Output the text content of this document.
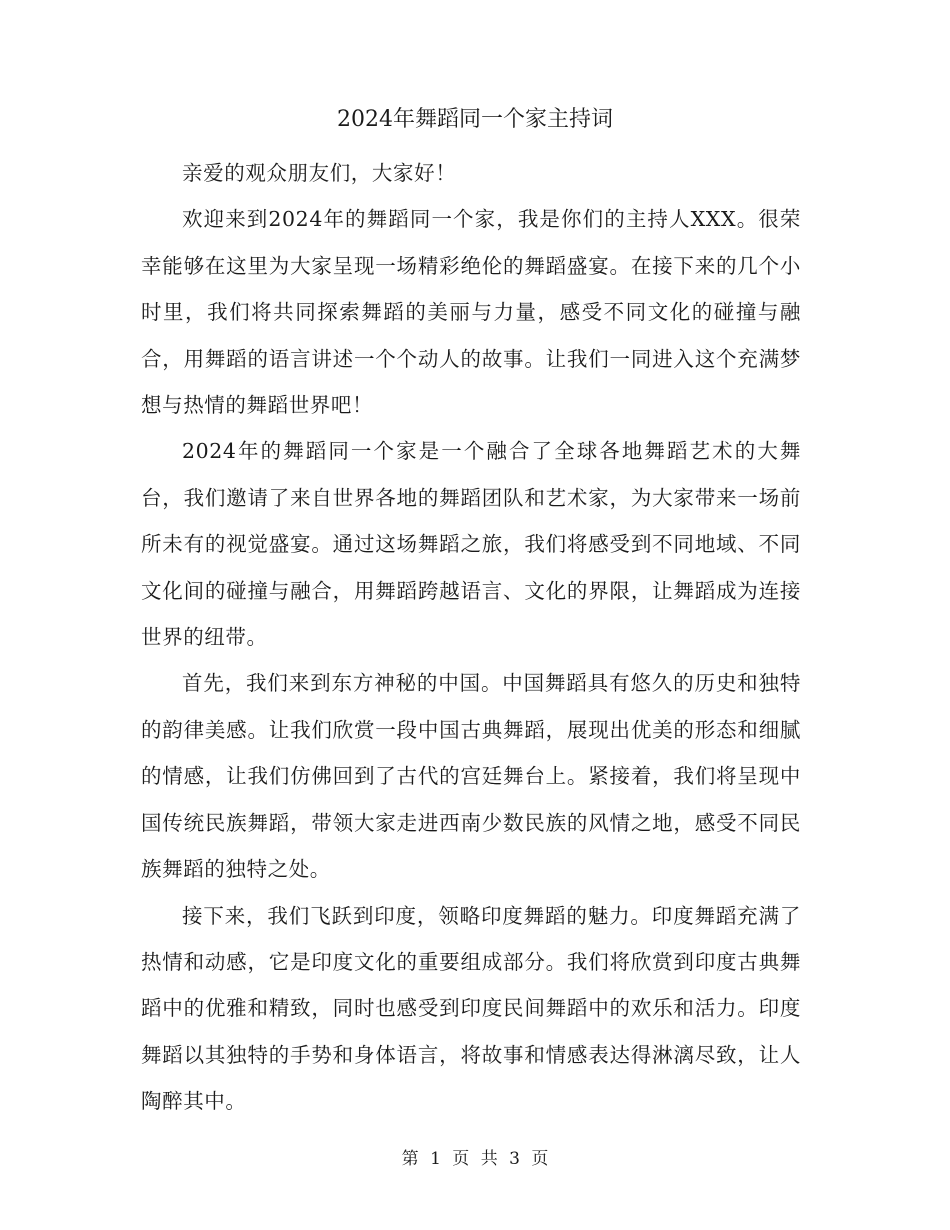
2024年舞蹈同一个家主持词

亲爱的观众朋友们，大家好！

欢迎来到2024年的舞蹈同一个家，我是你们的主持人XXX。很荣幸能够在这里为大家呈现一场精彩绝伦的舞蹈盛宴。在接下来的几个小时里，我们将共同探索舞蹈的美丽与力量，感受不同文化的碰撞与融合，用舞蹈的语言讲述一个个动人的故事。让我们一同进入这个充满梦想与热情的舞蹈世界吧！

2024年的舞蹈同一个家是一个融合了全球各地舞蹈艺术的大舞台，我们邀请了来自世界各地的舞蹈团队和艺术家，为大家带来一场前所未有的视觉盛宴。通过这场舞蹈之旅，我们将感受到不同地域、不同文化间的碰撞与融合，用舞蹈跨越语言、文化的界限，让舞蹈成为连接世界的纽带。

首先，我们来到东方神秘的中国。中国舞蹈具有悠久的历史和独特的韵律美感。让我们欣赏一段中国古典舞蹈，展现出优美的形态和细腻的情感，让我们仿佛回到了古代的宫廷舞台上。紧接着，我们将呈现中国传统民族舞蹈，带领大家走进西南少数民族的风情之地，感受不同民族舞蹈的独特之处。

接下来，我们飞跃到印度，领略印度舞蹈的魅力。印度舞蹈充满了热情和动感，它是印度文化的重要组成部分。我们将欣赏到印度古典舞蹈中的优雅和精致，同时也感受到印度民间舞蹈中的欢乐和活力。印度舞蹈以其独特的手势和身体语言，将故事和情感表达得淋漓尽致，让人陶醉其中。

第 1 页 共 3 页
